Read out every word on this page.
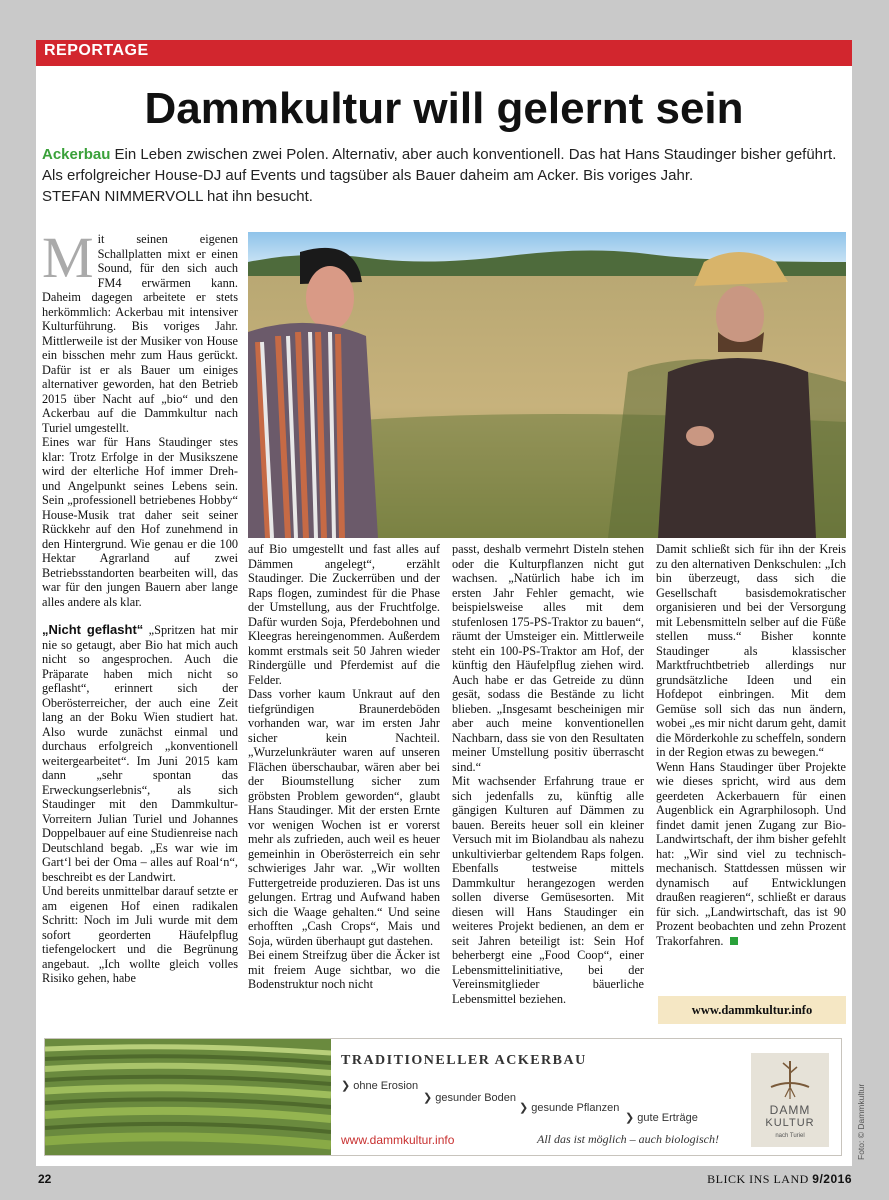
REPORTAGE
Dammkultur will gelernt sein
Ackerbau Ein Leben zwischen zwei Polen. Alternativ, aber auch konventionell. Das hat Hans Staudinger bisher geführt. Als erfolgreicher House-DJ auf Events und tagsüber als Bauer daheim am Acker. Bis voriges Jahr.
STEFAN NIMMERVOLL hat ihn besucht.

Mit seinen eigenen Schallplatten mixt er einen Sound, für den sich auch FM4 erwärmen kann. Daheim dagegen arbeitete er stets herkömmlich: Ackerbau mit intensiver Kulturführung. Bis voriges Jahr. Mittlerweile ist der Musiker von House ein bisschen mehr zum Haus gerückt. Dafür ist er als Bauer um einiges alternativer geworden, hat den Betrieb 2015 über Nacht auf „bio“ und den Ackerbau auf die Dammkultur nach Turiel umgestellt.

Eines war für Hans Staudinger stes klar: Trotz Erfolge in der Musikszene wird der elterliche Hof immer Dreh- und Angelpunkt seines Lebens sein. Sein „professionell betriebenes Hobby“ House-Musik trat daher seit seiner Rückkehr auf den Hof zunehmend in den Hintergrund. Wie genau er die 100 Hektar Agrarland auf zwei Betriebsstandorten bearbeiten will, das war für den jungen Bauern aber lange alles andere als klar.

„Nicht geflasht“ „Spritzen hat mir nie so getaugt, aber Bio hat mich auch nicht so angesprochen. Auch die Präparate haben mich nicht so geflasht“, erinnert sich der Oberösterreicher, der auch eine Zeit lang an der Boku Wien studiert hat. Also wurde zunächst einmal und durchaus erfolgreich „konventionell weitergearbeitet“. Im Juni 2015 kam dann „sehr spontan das Erweckungserlebnis“, als sich Staudinger mit den Dammkultur-Vorreitern Julian Turiel und Johannes Doppelbauer auf eine Studienreise nach Deutschland begab. „Es war wie im Gart‘l bei der Oma – alles auf Roal‘n“, beschreibt es der Landwirt.

Und bereits unmittelbar darauf setzte er am eigenen Hof einen radikalen Schritt: Noch im Juli wurde mit dem sofort georderten Häufelpflug tiefengelockert und die Begrünung angebaut. „Ich wollte gleich volles Risiko gehen, habe

auf Bio umgestellt und fast alles auf Dämmen angelegt“, erzählt Staudinger. Die Zuckerrüben und der Raps flogen, zumindest für die Phase der Umstellung, aus der Fruchtfolge. Dafür wurden Soja, Pferdebohnen und Kleegras hereingenommen. Außerdem kommt erstmals seit 50 Jahren wieder Rindergülle und Pferdemist auf die Felder.

Dass vorher kaum Unkraut auf den tiefgründigen Braunerdeböden vorhanden war, war im ersten Jahr sicher kein Nachteil. „Wurzelunkräuter waren auf unseren Flächen überschaubar, wären aber bei der Bioumstellung sicher zum gröbsten Problem geworden“, glaubt Hans Staudinger. Mit der ersten Ernte vor wenigen Wochen ist er vorerst mehr als zufrieden, auch weil es heuer gemeinhin in Oberösterreich ein sehr schwieriges Jahr war. „Wir wollten Futtergetreide produzieren. Das ist uns gelungen. Ertrag und Aufwand haben sich die Waage gehalten.“ Und seine erhofften „Cash Crops“, Mais und Soja, würden überhaupt gut dastehen.

Bei einem Streifzug über die Äcker ist mit freiem Auge sichtbar, wo die Bodenstruktur noch nicht

passt, deshalb vermehrt Disteln stehen oder die Kulturpflanzen nicht gut wachsen. „Natürlich habe ich im ersten Jahr Fehler gemacht, wie beispielsweise alles mit dem stufenlosen 175-PS-Traktor zu bauen“, räumt der Umsteiger ein. Mittlerweile steht ein 100-PS-Traktor am Hof, der künftig den Häufelpflug ziehen wird. Auch habe er das Getreide zu dünn gesät, sodass die Bestände zu licht blieben. „Insgesamt bescheinigen mir aber auch meine konventionellen Nachbarn, dass sie von den Resultaten meiner Umstellung positiv überrascht sind.“

Mit wachsender Erfahrung traue er sich jedenfalls zu, künftig alle gängigen Kulturen auf Dämmen zu bauen. Bereits heuer soll ein kleiner Versuch mit im Biolandbau als nahezu unkultivierbar geltendem Raps folgen. Ebenfalls testweise mittels Dammkultur herangezogen werden sollen diverse Gemüsesorten. Mit diesen will Hans Staudinger ein weiteres Projekt bedienen, an dem er seit Jahren beteiligt ist: Sein Hof beherbergt eine „Food Coop“, einer Lebensmittelinitiative, bei der Vereinsmitglieder bäuerliche Lebensmittel beziehen.

Damit schließt sich für ihn der Kreis zu den alternativen Denkschulen: „Ich bin überzeugt, dass sich die Gesellschaft basisdemokratischer organisieren und bei der Versorgung mit Lebensmitteln selber auf die Füße stellen muss.“ Bisher konnte Staudinger als klassischer Marktfruchtbetrieb allerdings nur grundsätzliche Ideen und ein Hofdepot einbringen. Mit dem Gemüse soll sich das nun ändern, wobei „es mir nicht darum geht, damit die Mörderkohle zu scheffeln, sondern in der Region etwas zu bewegen.“

Wenn Hans Staudinger über Projekte wie dieses spricht, wird aus dem geerdeten Ackerbauern für einen Augenblick ein Agrarphilosoph. Und findet damit jenen Zugang zur Bio-Landwirtschaft, der ihm bisher gefehlt hat: „Wir sind viel zu technisch-mechanisch. Stattdessen müssen wir dynamisch auf Entwicklungen draußen reagieren“, schließt er daraus für sich. „Landwirtschaft, das ist 90 Prozent beobachten und zehn Prozent Trakorfahren.

www.dammkultur.info
TRADITIONELLER ACKERBAU
❯ ohne Erosion
❯ gesunder Boden
❯ gesunde Pflanzen
❯ gute Erträge
www.dammkultur.info	All das ist möglich – auch biologisch!
DAMM
KULTUR
nach Turiel	Foto: © Dammkultur
22	BLICK INS LAND 9/2016
